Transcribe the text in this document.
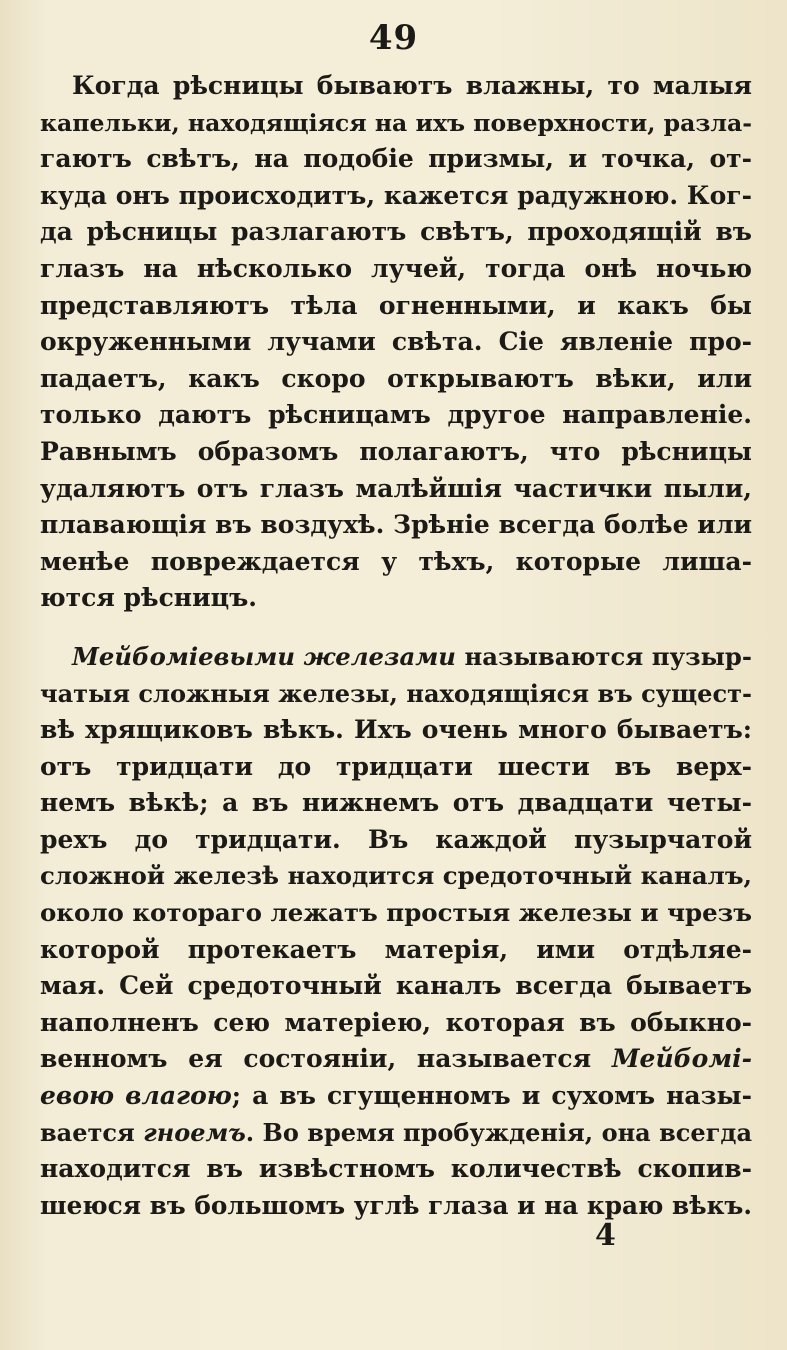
49
Когда рѣсницы бываютъ влажны, то малыя
капельки, находящіяся на ихъ поверхности, разла-
гаютъ свѣтъ, на подобіе призмы, и точка, от-
куда онъ происходитъ, кажется радужною. Ког-
да рѣсницы разлагаютъ свѣтъ, проходящій въ
глазъ на нѣсколько лучей, тогда онѣ ночью
представляютъ тѣла огненными, и какъ бы
окруженными лучами свѣта. Сіе явленіе про-
падаетъ, какъ скоро открываютъ вѣки, или
только даютъ рѣсницамъ другое направленіе.
Равнымъ образомъ полагаютъ, что рѣсницы
удаляютъ отъ глазъ малѣйшія частички пыли,
плавающія въ воздухѣ. Зрѣніе всегда болѣе или
менѣе повреждается у тѣхъ, которые лиша-
ются рѣсницъ.
Мейбоміевыми железами называются пузыр-
чатыя сложныя железы, находящіяся въ сущест-
вѣ хрящиковъ вѣкъ. Ихъ очень много бываетъ:
отъ тридцати до тридцати шести въ верх-
немъ вѣкѣ; а въ нижнемъ отъ двадцати четы-
рехъ до тридцати. Въ каждой пузырчатой
сложной железѣ находится средоточный каналъ,
около котораго лежатъ простыя железы и чрезъ
которой протекаетъ матерія, ими отдѣляе-
мая. Сей средоточный каналъ всегда бываетъ
наполненъ сею матеріею, которая въ обыкно-
венномъ ея состояніи, называется Мейбомі-
евою влагою; а въ сгущенномъ и сухомъ назы-
вается гноемъ. Во время пробужденія, она всегда
находится въ извѣстномъ количествѣ скопив-
шеюся въ большомъ углѣ глаза и на краю вѣкъ.
4
